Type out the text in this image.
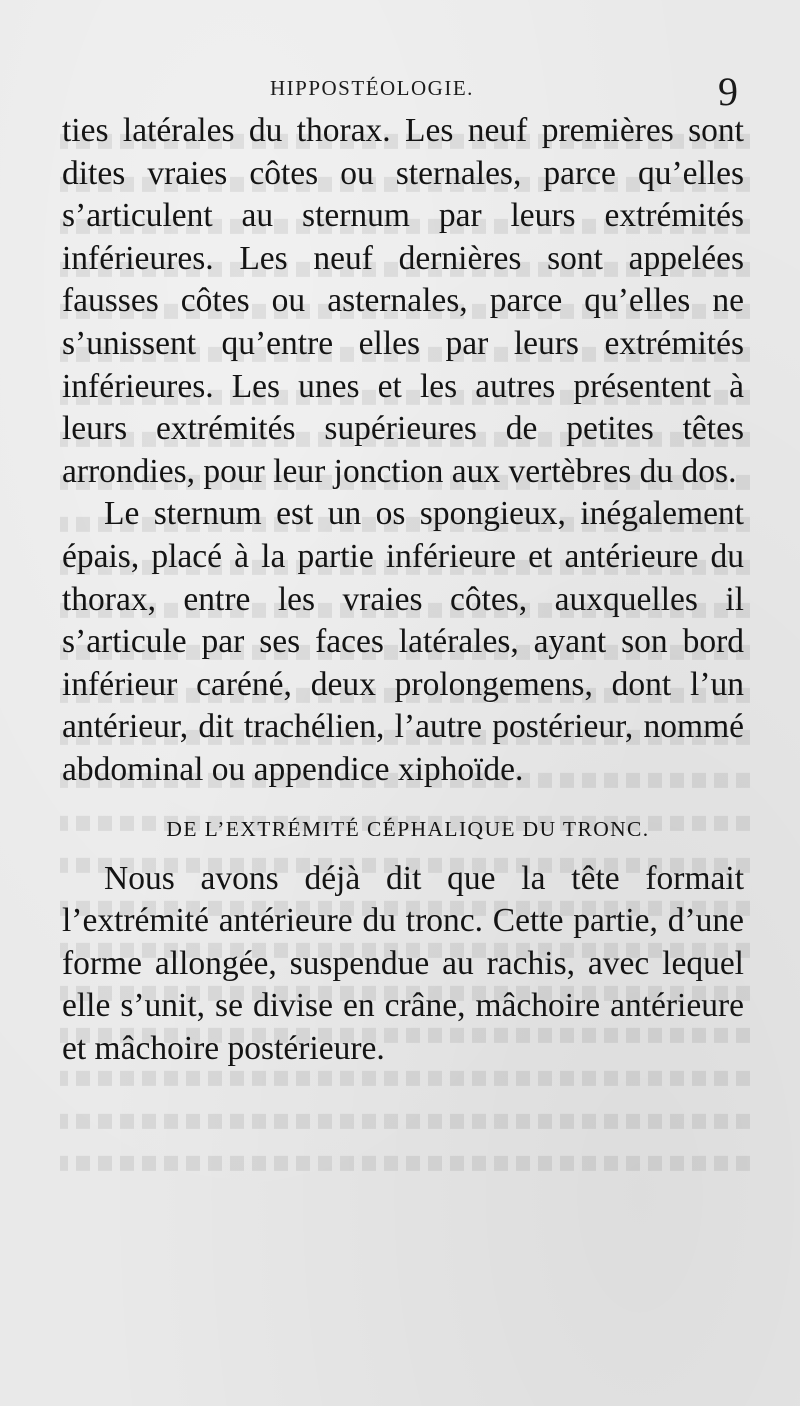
HIPPOSTÉOLOGIE.	9

ties latérales du thorax. Les neuf premières sont dites vraies côtes ou sternales, parce qu’elles s’articulent au sternum par leurs extrémités inférieures. Les neuf dernières sont appelées fausses côtes ou asternales, parce qu’elles ne s’unissent qu’entre elles par leurs extrémités inférieures. Les unes et les autres présentent à leurs extrémités supérieures de petites têtes arrondies, pour leur jonction aux vertèbres du dos.

Le sternum est un os spongieux, inégalement épais, placé à la partie inférieure et antérieure du thorax, entre les vraies côtes, auxquelles il s’articule par ses faces latérales, ayant son bord inférieur caréné, deux prolongemens, dont l’un antérieur, dit trachélien, l’autre postérieur, nommé abdominal ou appendice xiphoïde.

DE L’EXTRÉMITÉ CÉPHALIQUE DU TRONC.

Nous avons déjà dit que la tête formait l’extrémité antérieure du tronc. Cette partie, d’une forme allongée, suspendue au rachis, avec lequel elle s’unit, se divise en crâne, mâchoire antérieure et mâchoire postérieure.
